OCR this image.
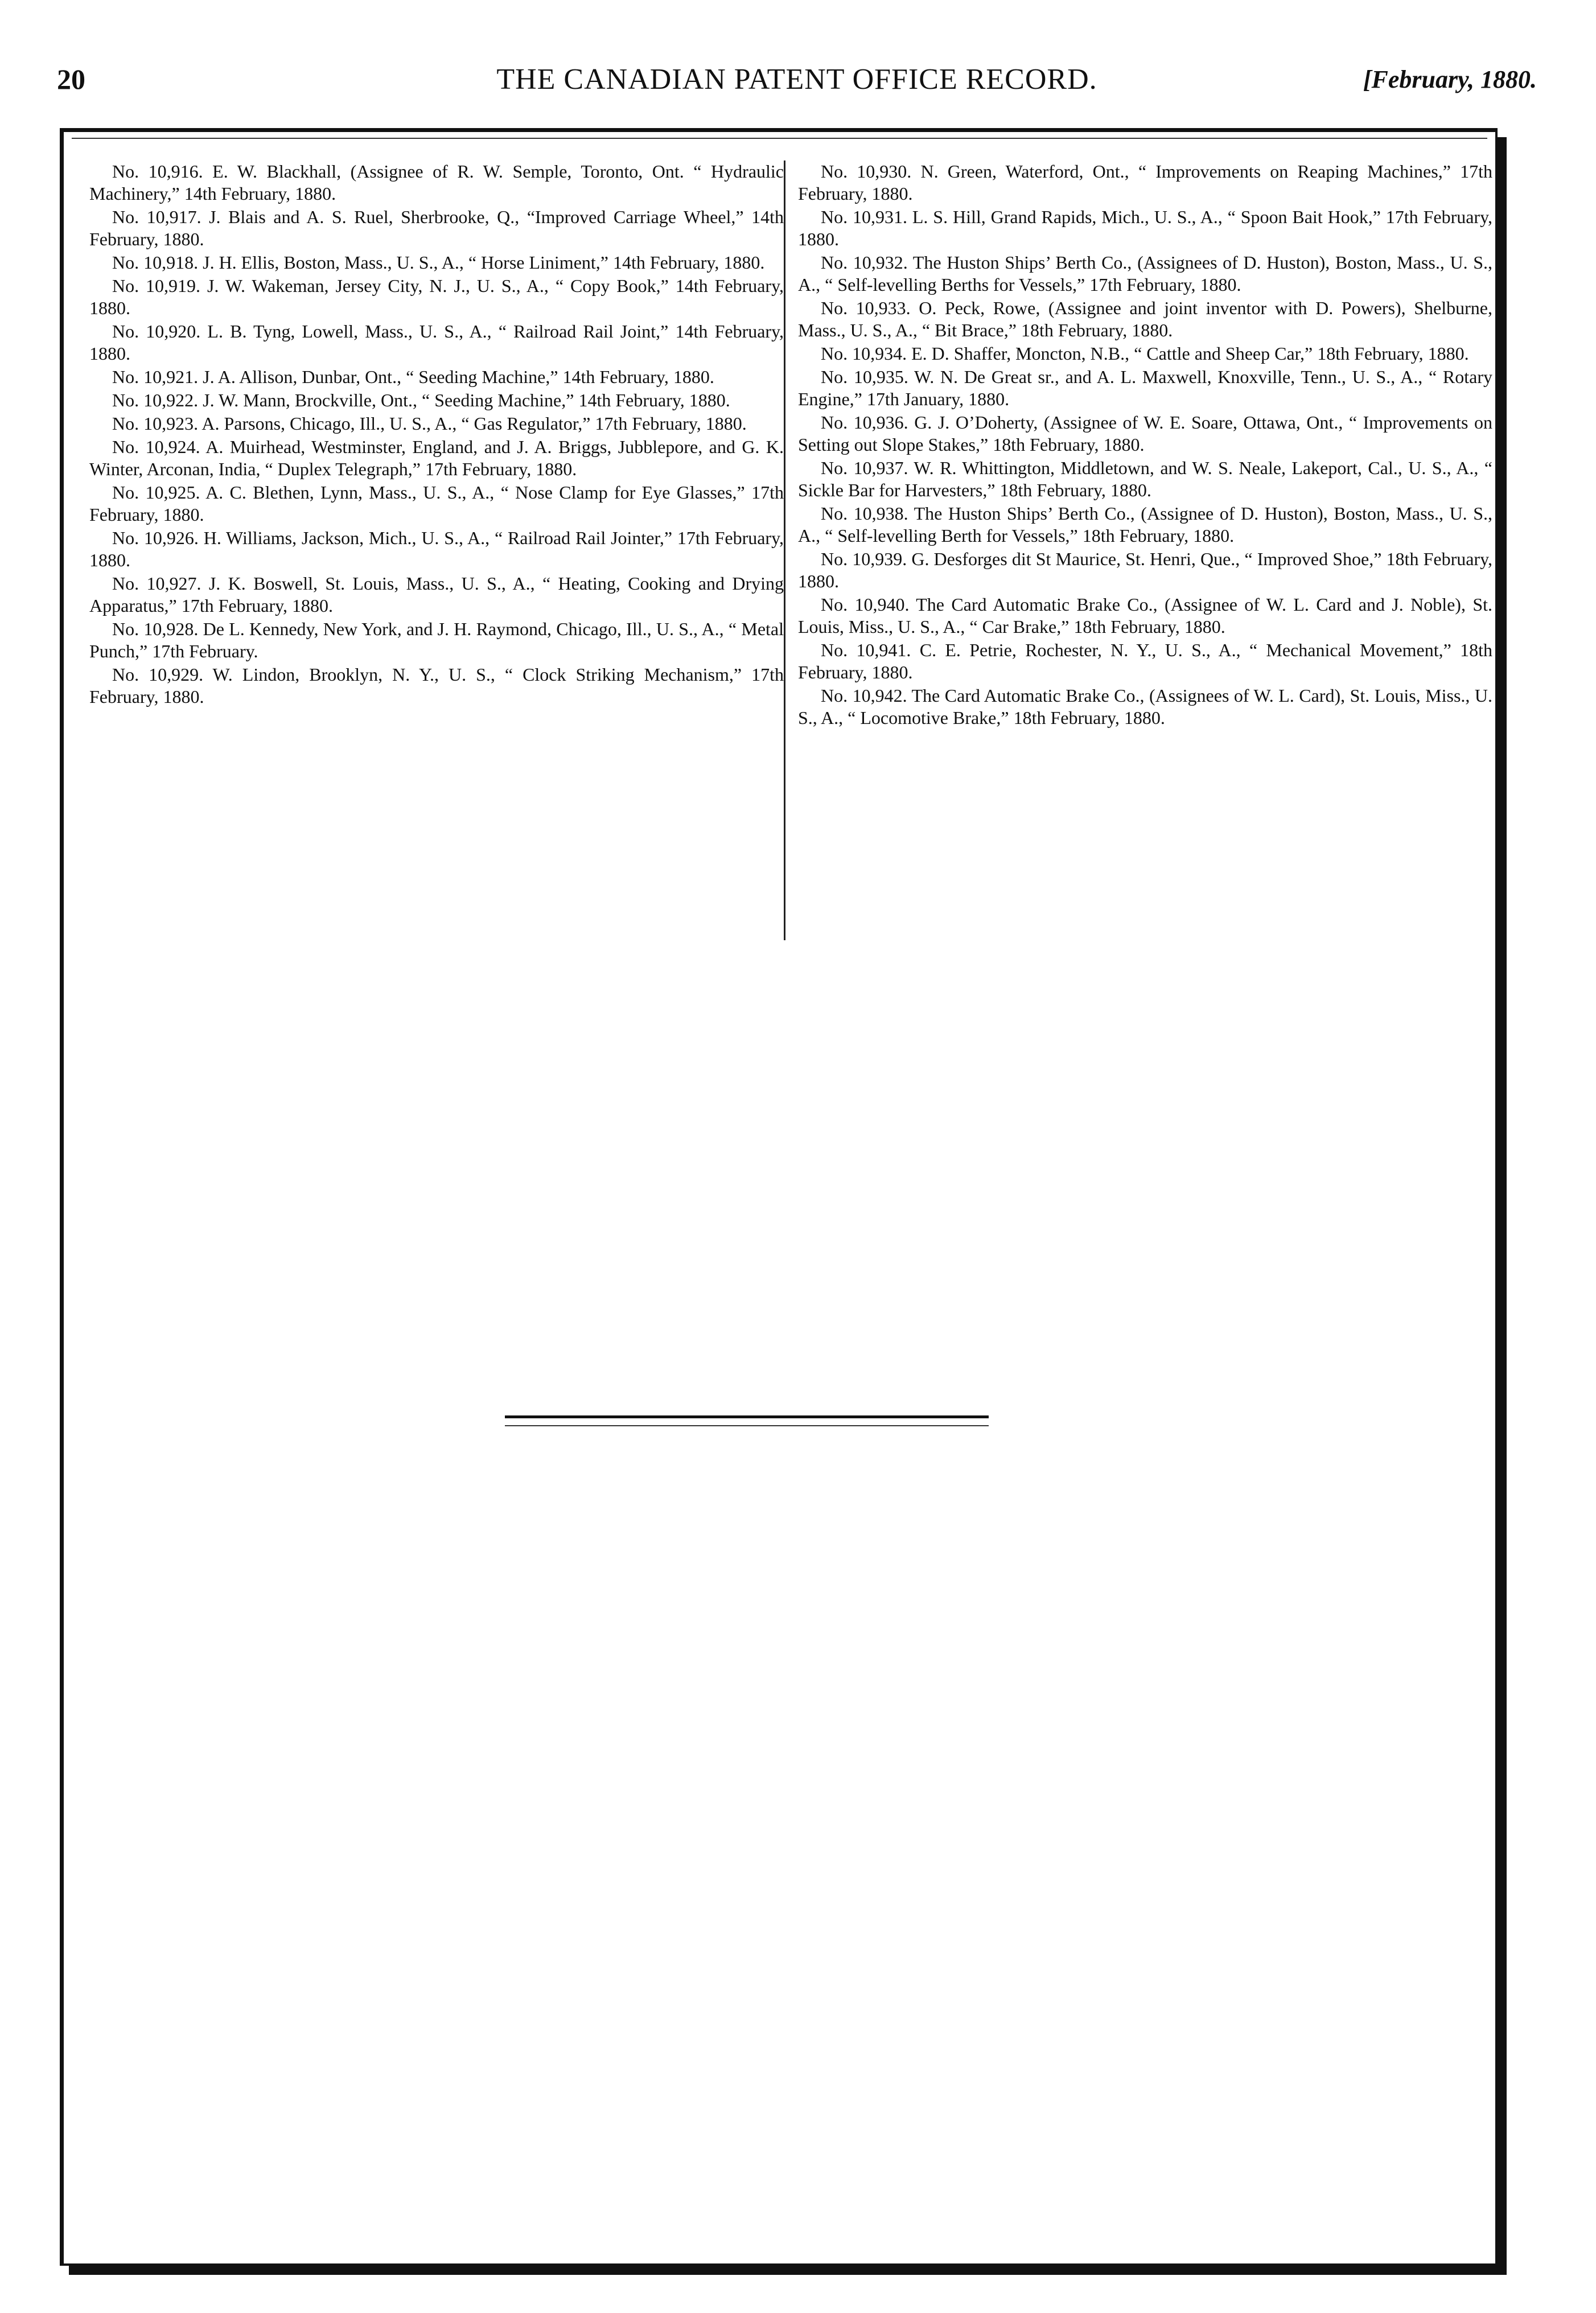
20	THE CANADIAN PATENT OFFICE RECORD.	[February, 1880.

No. 10,916. E. W. Blackhall, (Assignee of R. W. Semple, Toronto, Ont. “ Hydraulic Machinery,” 14th February, 1880.

No. 10,917. J. Blais and A. S. Ruel, Sherbrooke, Q., “Improved Carriage Wheel,” 14th February, 1880.

No. 10,918. J. H. Ellis, Boston, Mass., U. S., A., “ Horse Liniment,” 14th February, 1880.

No. 10,919. J. W. Wakeman, Jersey City, N. J., U. S., A., “ Copy Book,” 14th February, 1880.

No. 10,920. L. B. Tyng, Lowell, Mass., U. S., A., “ Railroad Rail Joint,” 14th February, 1880.

No. 10,921. J. A. Allison, Dunbar, Ont., “ Seeding Machine,” 14th February, 1880.

No. 10,922. J. W. Mann, Brockville, Ont., “ Seeding Machine,” 14th February, 1880.

No. 10,923. A. Parsons, Chicago, Ill., U. S., A., “ Gas Regulator,” 17th February, 1880.

No. 10,924. A. Muirhead, Westminster, England, and J. A. Briggs, Jubblepore, and G. K. Winter, Arconan, India, “ Duplex Telegraph,” 17th February, 1880.

No. 10,925. A. C. Blethen, Lynn, Mass., U. S., A., “ Nose Clamp for Eye Glasses,” 17th February, 1880.

No. 10,926. H. Williams, Jackson, Mich., U. S., A., “ Railroad Rail Jointer,” 17th February, 1880.

No. 10,927. J. K. Boswell, St. Louis, Mass., U. S., A., “ Heating, Cooking and Drying Apparatus,” 17th February, 1880.

No. 10,928. De L. Kennedy, New York, and J. H. Raymond, Chicago, Ill., U. S., A., “ Metal Punch,” 17th February.

No. 10,929. W. Lindon, Brooklyn, N. Y., U. S., “ Clock Striking Mechanism,” 17th February, 1880.

No. 10,930. N. Green, Waterford, Ont., “ Improvements on Reaping Machines,” 17th February, 1880.

No. 10,931. L. S. Hill, Grand Rapids, Mich., U. S., A., “ Spoon Bait Hook,” 17th February, 1880.

No. 10,932. The Huston Ships’ Berth Co., (Assignees of D. Huston), Boston, Mass., U. S., A., “ Self-levelling Berths for Vessels,” 17th February, 1880.

No. 10,933. O. Peck, Rowe, (Assignee and joint inventor with D. Powers), Shelburne, Mass., U. S., A., “ Bit Brace,” 18th February, 1880.

No. 10,934. E. D. Shaffer, Moncton, N.B., “ Cattle and Sheep Car,” 18th February, 1880.

No. 10,935. W. N. De Great sr., and A. L. Maxwell, Knoxville, Tenn., U. S., A., “ Rotary Engine,” 17th January, 1880.

No. 10,936. G. J. O’Doherty, (Assignee of W. E. Soare, Ottawa, Ont., “ Improvements on Setting out Slope Stakes,” 18th February, 1880.

No. 10,937. W. R. Whittington, Middletown, and W. S. Neale, Lakeport, Cal., U. S., A., “ Sickle Bar for Harvesters,” 18th February, 1880.

No. 10,938. The Huston Ships’ Berth Co., (Assignee of D. Huston), Boston, Mass., U. S., A., “ Self-levelling Berth for Vessels,” 18th February, 1880.

No. 10,939. G. Desforges dit St Maurice, St. Henri, Que., “ Improved Shoe,” 18th February, 1880.

No. 10,940. The Card Automatic Brake Co., (Assignee of W. L. Card and J. Noble), St. Louis, Miss., U. S., A., “ Car Brake,” 18th February, 1880.

No. 10,941. C. E. Petrie, Rochester, N. Y., U. S., A., “ Mechanical Movement,” 18th February, 1880.

No. 10,942. The Card Automatic Brake Co., (Assignees of W. L. Card), St. Louis, Miss., U. S., A., “ Locomotive Brake,” 18th February, 1880.
